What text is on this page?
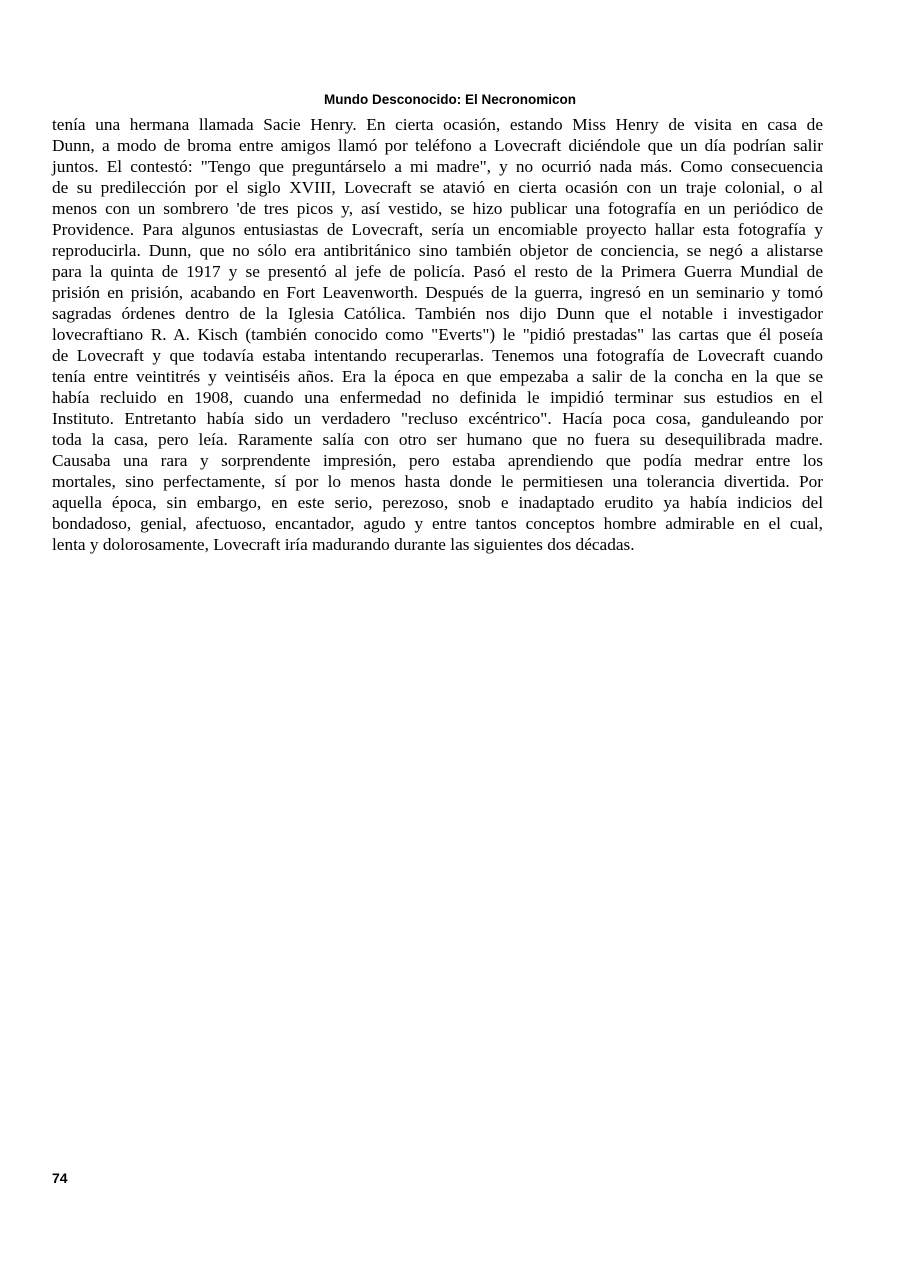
Mundo Desconocido: El Necronomicon
tenía una hermana llamada Sacie Henry. En cierta ocasión, estando Miss Henry de visita en casa de
Dunn, a modo de broma entre amigos llamó por teléfono a Lovecraft diciéndole que un día podrían salir
juntos. El contestó: "Tengo que preguntárselo a mi madre", y no ocurrió nada más. Como consecuencia
de su predilección por el siglo XVIII, Lovecraft se atavió en cierta ocasión con un traje colonial, o al
menos con un sombrero 'de tres picos y, así vestido, se hizo publicar una fotografía en un periódico de
Providence. Para algunos entusiastas de Lovecraft, sería un encomiable proyecto hallar esta fotografía y
reproducirla. Dunn, que no sólo era antibritánico sino también objetor de conciencia, se negó a alistarse
para la quinta de 1917 y se presentó al jefe de policía. Pasó el resto de la Primera Guerra Mundial de
prisión en prisión, acabando en Fort Leavenworth. Después de la guerra, ingresó en un seminario y tomó
sagradas órdenes dentro de la Iglesia Católica. También nos dijo Dunn que el notable i investigador
lovecraftiano R. A. Kisch (también conocido como "Everts") le "pidió prestadas" las cartas que él poseía
de Lovecraft y que todavía estaba intentando recuperarlas. Tenemos una fotografía de Lovecraft cuando
tenía entre veintitrés y veintiséis años. Era la época en que empezaba a salir de la concha en la que se
había recluido en 1908, cuando una enfermedad no definida le impidió terminar sus estudios en el
Instituto. Entretanto había sido un verdadero "recluso excéntrico". Hacía poca cosa, ganduleando por
toda la casa, pero leía. Raramente salía con otro ser humano que no fuera su desequilibrada madre.
Causaba una rara y sorprendente impresión, pero estaba aprendiendo que podía medrar entre los
mortales, sino perfectamente, sí por lo menos hasta donde le permitiesen una tolerancia divertida. Por
aquella época, sin embargo, en este serio, perezoso, snob e inadaptado erudito ya había indicios del
bondadoso, genial, afectuoso, encantador, agudo y entre tantos conceptos hombre admirable en el cual,
lenta y dolorosamente, Lovecraft iría madurando durante las siguientes dos décadas.
74
